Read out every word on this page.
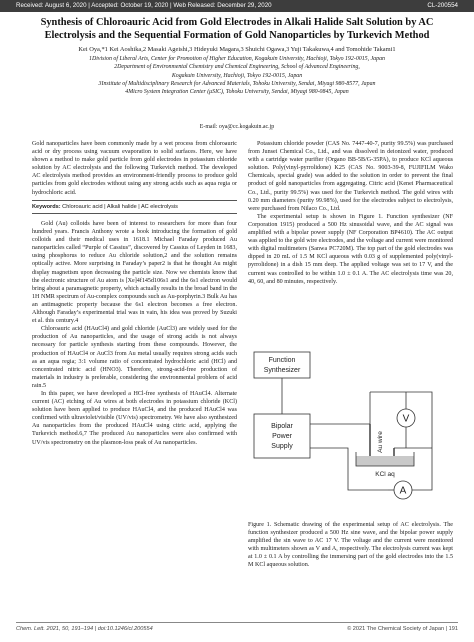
Received: August 6, 2020 | Accepted: October 19, 2020 | Web Released: December 29, 2020	CL-200554
Synthesis of Chloroauric Acid from Gold Electrodes in Alkali Halide Salt Solution by AC Electrolysis and the Sequential Formation of Gold Nanoparticles by Turkevich Method
Kei Oya,*1 Kei Aoshika,2 Masaki Ageishi,3 Hideyuki Magara,3 Shuichi Ogawa,3 Yuji Takakuwa,4 and Tomohide Takami1
1Division of Liberal Arts, Center for Promotion of Higher Education, Kogakuin University, Hachioji, Tokyo 192-0015, Japan
2Department of Environmental Chemistry and Chemical Engineering, School of Advanced Engineering,
Kogakuin University, Hachioji, Tokyo 192-0015, Japan
3Institute of Multidisciplinary Research for Advanced Materials, Tohoku University, Sendai, Miyagi 980-8577, Japan
4Micro System Integration Center (μSIC), Tohoku University, Sendai, Miyagi 980-0845, Japan
E-mail: oya@cc.kogakuin.ac.jp
Gold nanoparticles have been commonly made by a wet process from chloroauric acid or dry process using vacuum evaporation to solid surfaces. Here, we have shown a method to make gold particle from gold electrodes in potassium chloride solution by AC electrolysis and the following Turkevich method. The developed AC electrolysis method provides an environment-friendly process to produce gold particles from gold electrodes without using any strong acids such as aqua regia or hydrochloric acid.
Keywords: Chloroauric acid | Alkali halide | AC electrolysis

Gold (Au) colloids have been of interest to researchers for more than four hundred years. Francis Anthony wrote a book introducing the formation of gold colloids and their medical uses in 1618.1 Michael Faraday produced Au nanoparticles called “Purple of Cassius”, discovered by Cassius of Leyden in 1683, using phosphorus to reduce Au chloride solution,2 and the solution remains optically active. More surprising in Faraday’s paper2 is that he thought Au might display magnetism upon decreasing the particle size. Now we chemists know that the electronic structure of Au atom is [Xe]4f145d106s1 and the 6s1 electron would bring about a paramagnetic property, which actually results in the broad band in the 1H NMR spectrum of Au-complex compounds such as Au-porphyrin.3 Bulk Au has an antimagnetic property because the 6s1 electron becomes a free electron. Although Faraday’s experimental trial was in vain, his idea was proved by Suzuki et al. this century.4

Chloroauric acid (HAuCl4) and gold chloride (AuCl3) are widely used for the production of Au nanoparticles, and the usage of strong acids is not always necessary for particle synthesis starting from these compounds. However, the production of HAuCl4 or AuCl3 from Au metal usually requires strong acids such as an aqua regia; 3:1 volume ratio of concentrated hydrochloric acid (HCl) and concentrated nitric acid (HNO3). Therefore, strong-acid-free production of materials in industry is preferable, considering the environmental problem of acid rain.5

In this paper, we have developed a HCl-free synthesis of HAuCl4. Alternate current (AC) etching of Au wires at both electrodes in potassium chloride (KCl) solution have been applied to produce HAuCl4, and the produced HAuCl4 was confirmed with ultraviolet/visible (UV/vis) spectrometry. We have also synthesized Au nanoparticles from the produced HAuCl4 using citric acid, applying the Turkevich method.6,7 The produced Au nanoparticles were also confirmed with UV/vis spectrometry on the plasmon-loss peak of Au nanoparticles.

Potassium chloride powder (CAS No. 7447-40-7, purity 99.5%) was purchased from Junsei Chemical Co., Ltd., and was dissolved in deionized water, produced with a cartridge water purifier (Organo BB-5B/G-35PA), to produce KCl aqueous solution. Poly(vinyl-pyrrolidone) K25 (CAS No. 9003-39-8, FUJIFILM Wako Chemicals, special grade) was added to the solution in order to prevent the final product of gold nanoparticles from aggregating. Citric acid (Kenei Pharmaceutical Co., Ltd., purity 99.5%) was used for the Turkevich method. The gold wires with 0.20 mm diameters (purity 99.98%), used for the electrodes subject to electrolysis, were purchased from Nilaco Co., Ltd.

The experimental setup is shown in Figure 1. Function synthesizer (NF Corporation 1915) produced a 500 Hz sinusoidal wave, and the AC signal was amplified with a bipolar power supply (NF Corporation BP4610). The AC output was applied to the gold wire electrodes, and the voltage and current were monitored with digital multimeters (Sanwa PC720M). The top part of the gold electrodes was dipped in 20 mL of 1.5 M KCl aqueous with 0.03 g of supplemented poly(vinyl-pyrrolidone) in a dish 15 mm deep. The applied voltage was set to 17 V, and the current was controlled to be within 1.0 ± 0.1 A. The AC electrolysis time was 20, 40, 60, and 80 minutes, respectively.

Function
Synthesizer
Bipolar
Power
Supply
V
Au wire
KCl aq
A
Figure 1. Schematic drawing of the experimental setup of AC electrolysis. The function synthesizer produced a 500 Hz sine wave, and the bipolar power supply amplified the sin wave to AC 17 V. The voltage and the current were monitored with multimeters shown as V and A, respectively. The electrolysis current was kept at 1.0 ± 0.1 A by controlling the immersing part of the gold electrodes into the 1.5 M KCl aqueous solution.
Chem. Lett. 2021, 50, 191–194 | doi:10.1246/cl.200554	© 2021 The Chemical Society of Japan | 191
